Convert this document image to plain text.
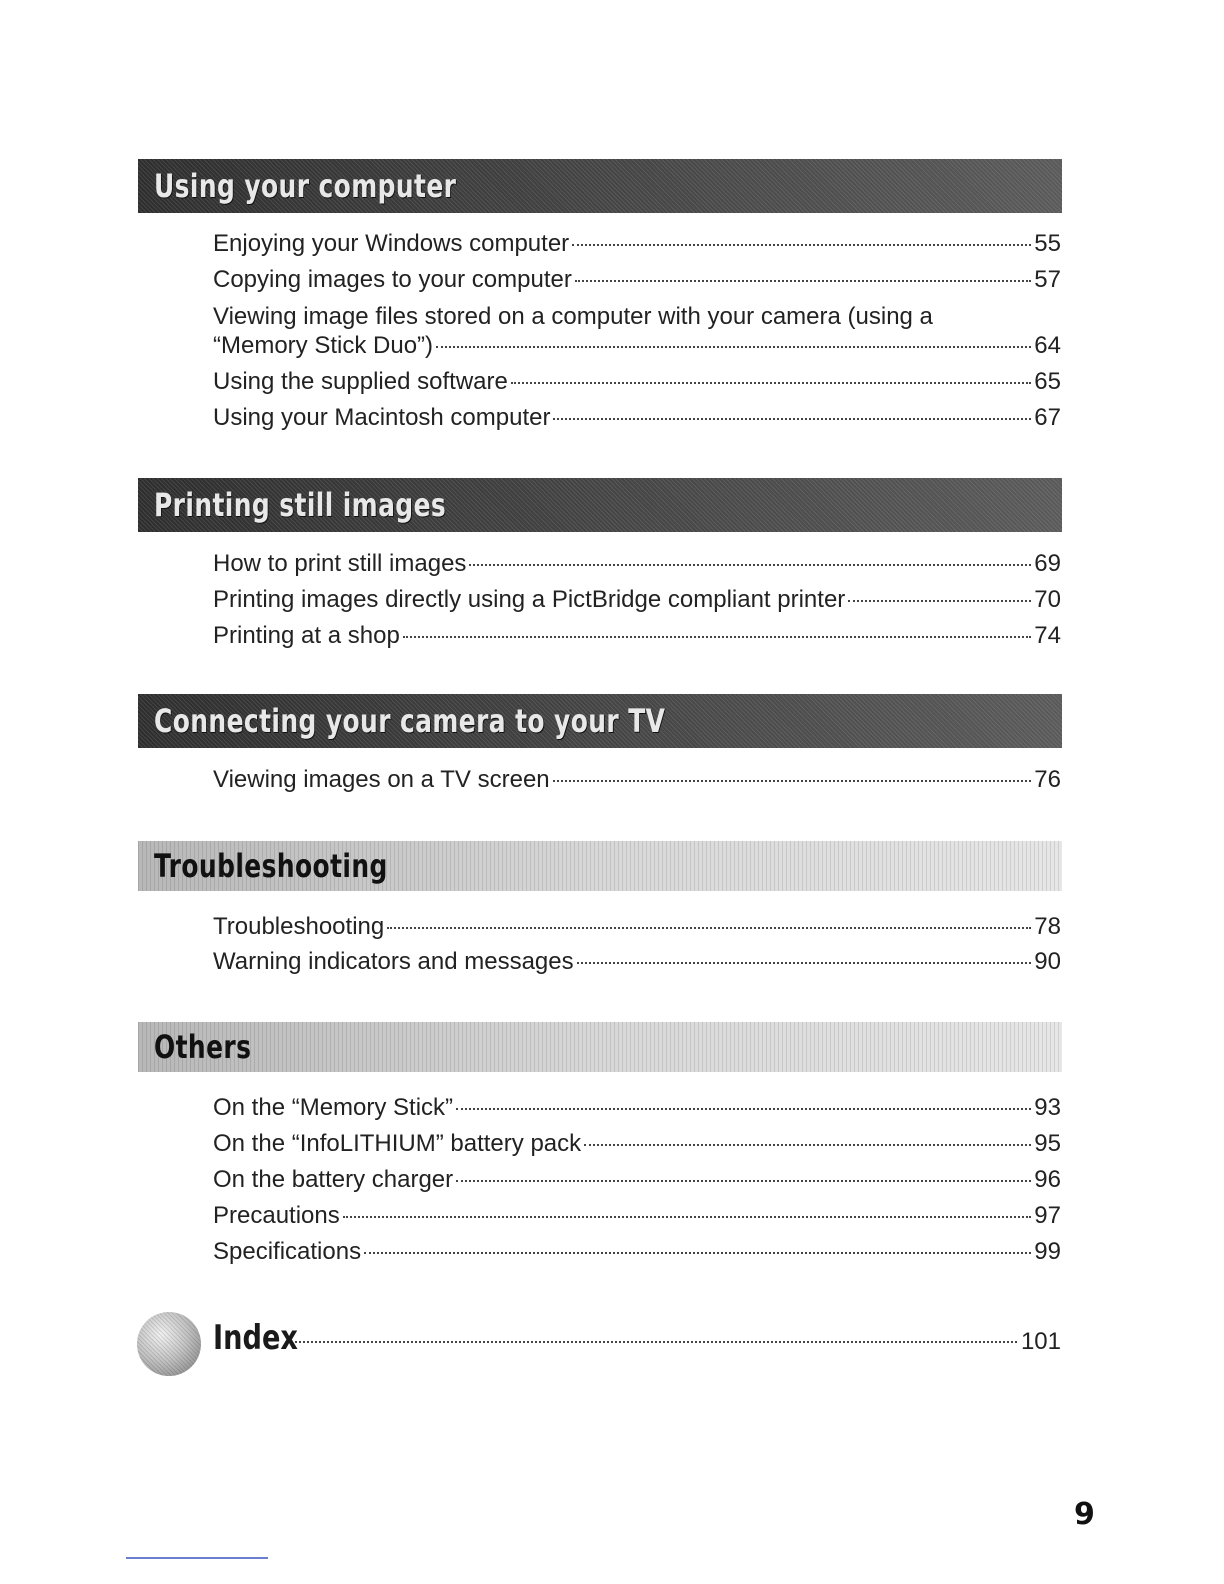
Using your computer
Enjoying your Windows computer	55
Copying images to your computer	57
Viewing image files stored on a computer with your camera (using a
“Memory Stick Duo”)	64
Using the supplied software	65
Using your Macintosh computer	67
Printing still images
How to print still images	69
Printing images directly using a PictBridge compliant printer	70
Printing at a shop	74
Connecting your camera to your TV
Viewing images on a TV screen	76
Troubleshooting
Troubleshooting	78
Warning indicators and messages	90
Others
On the “Memory Stick”	93
On the “InfoLITHIUM” battery pack	95
On the battery charger	96
Precautions	97
Specifications	99
Index	101
9
